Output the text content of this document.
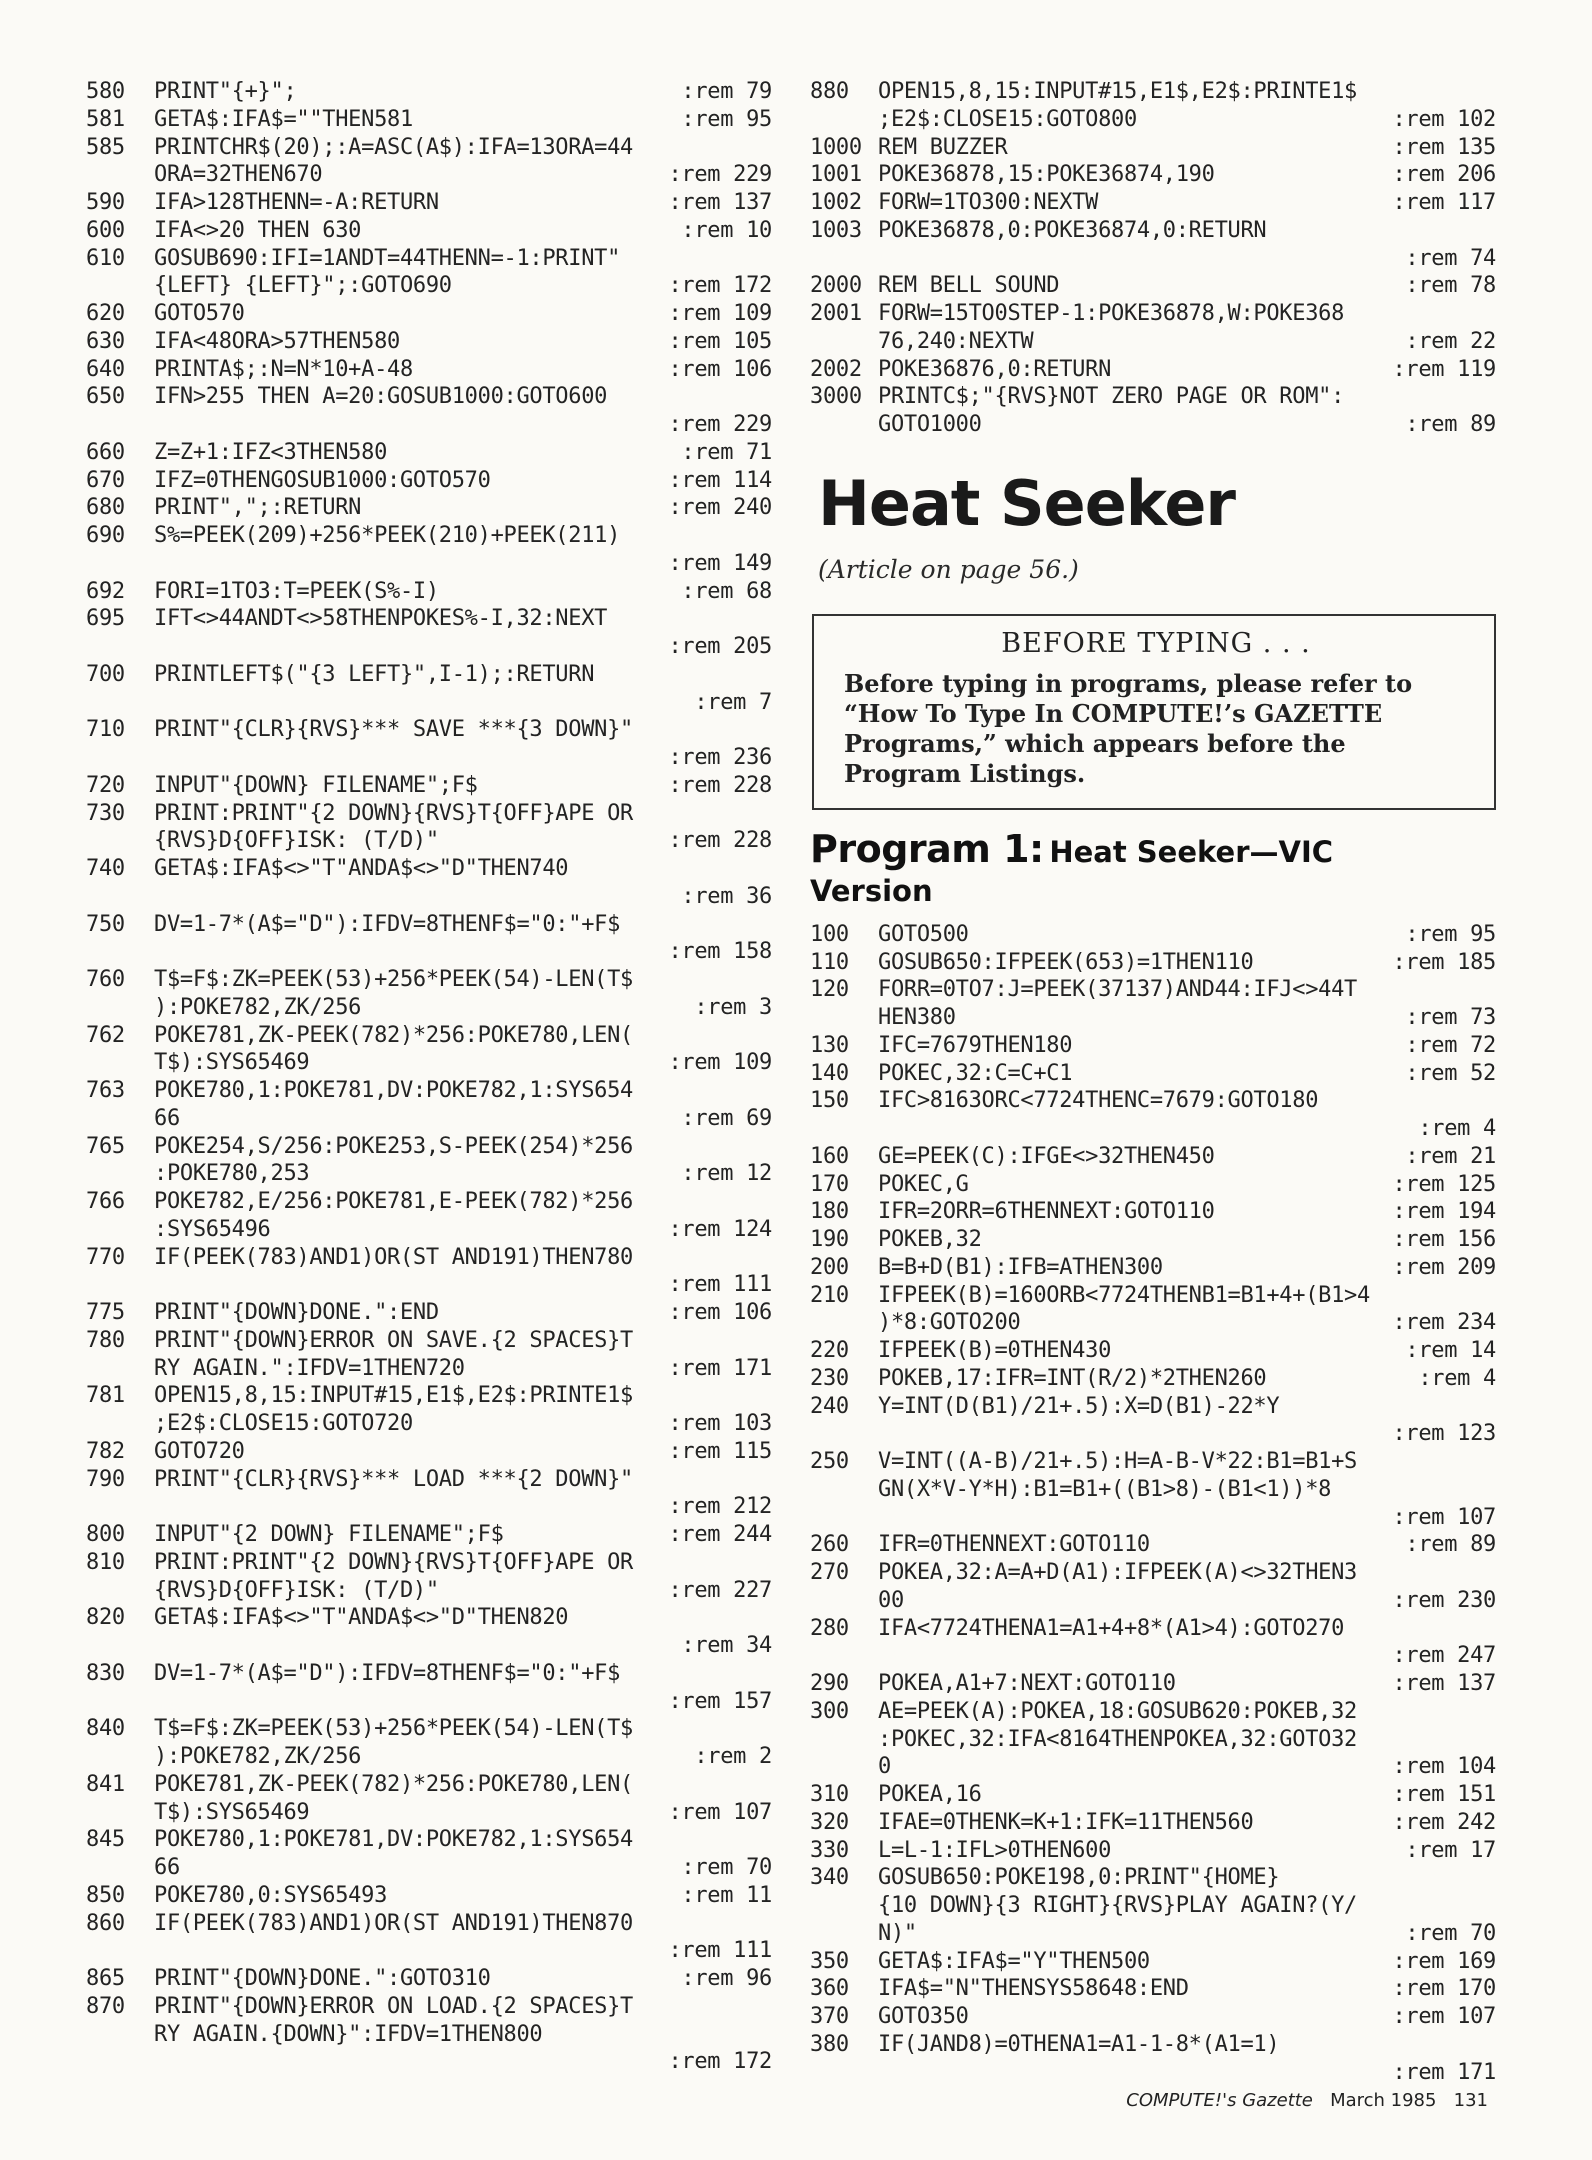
580 PRINT"{+}";	:rem 79
581 GETA$:IFA$=""THEN581	:rem 95
585 PRINTCHR$(20);:A=ASC(A$):IFA=13ORA=44
ORA=32THEN670	:rem 229
590 IFA>128THENN=-A:RETURN	:rem 137
600 IFA<>20 THEN 630	:rem 10
610 GOSUB690:IFI=1ANDT=44THENN=-1:PRINT"
{LEFT} {LEFT}";:GOTO690	:rem 172
620 GOTO570	:rem 109
630 IFA<48ORA>57THEN580	:rem 105
640 PRINTA$;:N=N*10+A-48	:rem 106
650 IFN>255 THEN A=20:GOSUB1000:GOTO600
:rem 229
660 Z=Z+1:IFZ<3THEN580	:rem 71
670 IFZ=0THENGOSUB1000:GOTO570	:rem 114
680 PRINT",";:RETURN	:rem 240
690 S%=PEEK(209)+256*PEEK(210)+PEEK(211)
:rem 149
692 FORI=1TO3:T=PEEK(S%-I)	:rem 68
695 IFT<>44ANDT<>58THENPOKES%-I,32:NEXT
:rem 205
700 PRINTLEFT$("{3 LEFT}",I-1);:RETURN
:rem 7
710 PRINT"{CLR}{RVS}*** SAVE ***{3 DOWN}"
:rem 236
720 INPUT"{DOWN} FILENAME";F$	:rem 228
730 PRINT:PRINT"{2 DOWN}{RVS}T{OFF}APE OR
{RVS}D{OFF}ISK: (T/D)"	:rem 228
740 GETA$:IFA$<>"T"ANDA$<>"D"THEN740
:rem 36
750 DV=1-7*(A$="D"):IFDV=8THENF$="0:"+F$
:rem 158
760 T$=F$:ZK=PEEK(53)+256*PEEK(54)-LEN(T$
):POKE782,ZK/256	:rem 3
762 POKE781,ZK-PEEK(782)*256:POKE780,LEN(
T$):SYS65469	:rem 109
763 POKE780,1:POKE781,DV:POKE782,1:SYS654
66	:rem 69
765 POKE254,S/256:POKE253,S-PEEK(254)*256
:POKE780,253	:rem 12
766 POKE782,E/256:POKE781,E-PEEK(782)*256
:SYS65496	:rem 124
770 IF(PEEK(783)AND1)OR(ST AND191)THEN780
:rem 111
775 PRINT"{DOWN}DONE.":END	:rem 106
780 PRINT"{DOWN}ERROR ON SAVE.{2 SPACES}T
RY AGAIN.":IFDV=1THEN720	:rem 171
781 OPEN15,8,15:INPUT#15,E1$,E2$:PRINTE1$
;E2$:CLOSE15:GOTO720	:rem 103
782 GOTO720	:rem 115
790 PRINT"{CLR}{RVS}*** LOAD ***{2 DOWN}"
:rem 212
800 INPUT"{2 DOWN} FILENAME";F$	:rem 244
810 PRINT:PRINT"{2 DOWN}{RVS}T{OFF}APE OR
{RVS}D{OFF}ISK: (T/D)"	:rem 227
820 GETA$:IFA$<>"T"ANDA$<>"D"THEN820
:rem 34
830 DV=1-7*(A$="D"):IFDV=8THENF$="0:"+F$
:rem 157
840 T$=F$:ZK=PEEK(53)+256*PEEK(54)-LEN(T$
):POKE782,ZK/256	:rem 2
841 POKE781,ZK-PEEK(782)*256:POKE780,LEN(
T$):SYS65469	:rem 107
845 POKE780,1:POKE781,DV:POKE782,1:SYS654
66	:rem 70
850 POKE780,0:SYS65493	:rem 11
860 IF(PEEK(783)AND1)OR(ST AND191)THEN870
:rem 111
865 PRINT"{DOWN}DONE.":GOTO310	:rem 96
870 PRINT"{DOWN}ERROR ON LOAD.{2 SPACES}T
RY AGAIN.{DOWN}":IFDV=1THEN800
:rem 172
880 OPEN15,8,15:INPUT#15,E1$,E2$:PRINTE1$
;E2$:CLOSE15:GOTO800	:rem 102
1000 REM BUZZER	:rem 135
1001 POKE36878,15:POKE36874,190	:rem 206
1002 FORW=1TO300:NEXTW	:rem 117
1003 POKE36878,0:POKE36874,0:RETURN
:rem 74
2000 REM BELL SOUND	:rem 78
2001 FORW=15TO0STEP-1:POKE36878,W:POKE368
76,240:NEXTW	:rem 22
2002 POKE36876,0:RETURN	:rem 119
3000 PRINTC$;"{RVS}NOT ZERO PAGE OR ROM":
GOTO1000	:rem 89
Heat Seeker
(Article on page 56.)
BEFORE TYPING . . .
Before typing in programs, please refer to “How To Type In COMPUTE!’s GAZETTE Programs,” which appears before the Program Listings.
Program 1: Heat Seeker—VIC
Version
100 GOTO500	:rem 95
110 GOSUB650:IFPEEK(653)=1THEN110	:rem 185
120 FORR=0TO7:J=PEEK(37137)AND44:IFJ<>44T
HEN380	:rem 73
130 IFC=7679THEN180	:rem 72
140 POKEC,32:C=C+C1	:rem 52
150 IFC>8163ORC<7724THENC=7679:GOTO180
:rem 4
160 GE=PEEK(C):IFGE<>32THEN450	:rem 21
170 POKEC,G	:rem 125
180 IFR=2ORR=6THENNEXT:GOTO110	:rem 194
190 POKEB,32	:rem 156
200 B=B+D(B1):IFB=ATHEN300	:rem 209
210 IFPEEK(B)=160ORB<7724THENB1=B1+4+(B1>4
)*8:GOTO200	:rem 234
220 IFPEEK(B)=0THEN430	:rem 14
230 POKEB,17:IFR=INT(R/2)*2THEN260	:rem 4
240 Y=INT(D(B1)/21+.5):X=D(B1)-22*Y
:rem 123
250 V=INT((A-B)/21+.5):H=A-B-V*22:B1=B1+S
GN(X*V-Y*H):B1=B1+((B1>8)-(B1<1))*8
:rem 107
260 IFR=0THENNEXT:GOTO110	:rem 89
270 POKEA,32:A=A+D(A1):IFPEEK(A)<>32THEN3
00	:rem 230
280 IFA<7724THENA1=A1+4+8*(A1>4):GOTO270
:rem 247
290 POKEA,A1+7:NEXT:GOTO110	:rem 137
300 AE=PEEK(A):POKEA,18:GOSUB620:POKEB,32
:POKEC,32:IFA<8164THENPOKEA,32:GOTO32
0	:rem 104
310 POKEA,16	:rem 151
320 IFAE=0THENK=K+1:IFK=11THEN560	:rem 242
330 L=L-1:IFL>0THEN600	:rem 17
340 GOSUB650:POKE198,0:PRINT"{HOME}
{10 DOWN}{3 RIGHT}{RVS}PLAY AGAIN?(Y/
N)"	:rem 70
350 GETA$:IFA$="Y"THEN500	:rem 169
360 IFA$="N"THENSYS58648:END	:rem 170
370 GOTO350	:rem 107
380 IF(JAND8)=0THENA1=A1-1-8*(A1=1)
:rem 171
COMPUTE!'s Gazette March 1985 131
